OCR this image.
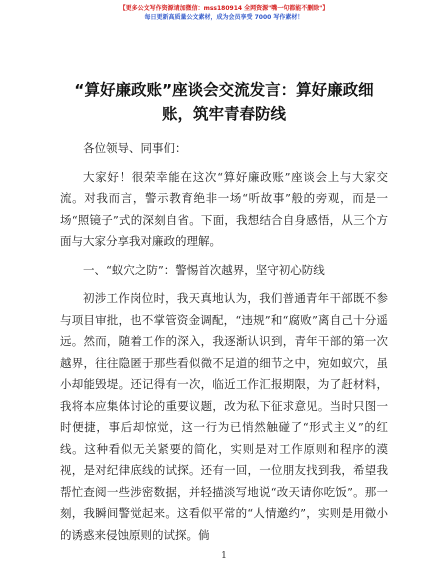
【更多公文写作资源请加微信：mss180914 全网资源"嘴一句都能不删除"】
每日更新高质量公文素材，成为会员享受 7000 写作素材！
“算好廉政账”座谈会交流发言：算好廉政细
账，筑牢青春防线

各位领导、同事们：

大家好！很荣幸能在这次“算好廉政账”座谈会上与大家交流。对我而言，警示教育绝非一场“听故事”般的旁观，而是一场“照镜子”式的深刻自省。下面，我想结合自身感悟，从三个方面与大家分享我对廉政的理解。

一、“蚁穴之防”：警惕首次越界，坚守初心防线

初涉工作岗位时，我天真地认为，我们普通青年干部既不参与项目审批，也不掌管资金调配，“违规”和“腐败”离自己十分遥远。然而，随着工作的深入，我逐渐认识到，青年干部的第一次越界，往往隐匿于那些看似微不足道的细节之中，宛如蚁穴，虽小却能毁堤。还记得有一次，临近工作汇报期限，为了赶材料，我将本应集体讨论的重要议题，改为私下征求意见。当时只图一时便捷，事后却惊觉，这一行为已悄然触碰了“形式主义”的红线。这种看似无关紧要的简化，实则是对工作原则和程序的漠视，是对纪律底线的试探。还有一回，一位朋友找到我，希望我帮忙查阅一些涉密数据，并轻描淡写地说“改天请你吃饭”。那一刻，我瞬间警觉起来。这看似平常的“人情邀约”，实则是用微小的诱惑来侵蚀原则的试探。倘

1
